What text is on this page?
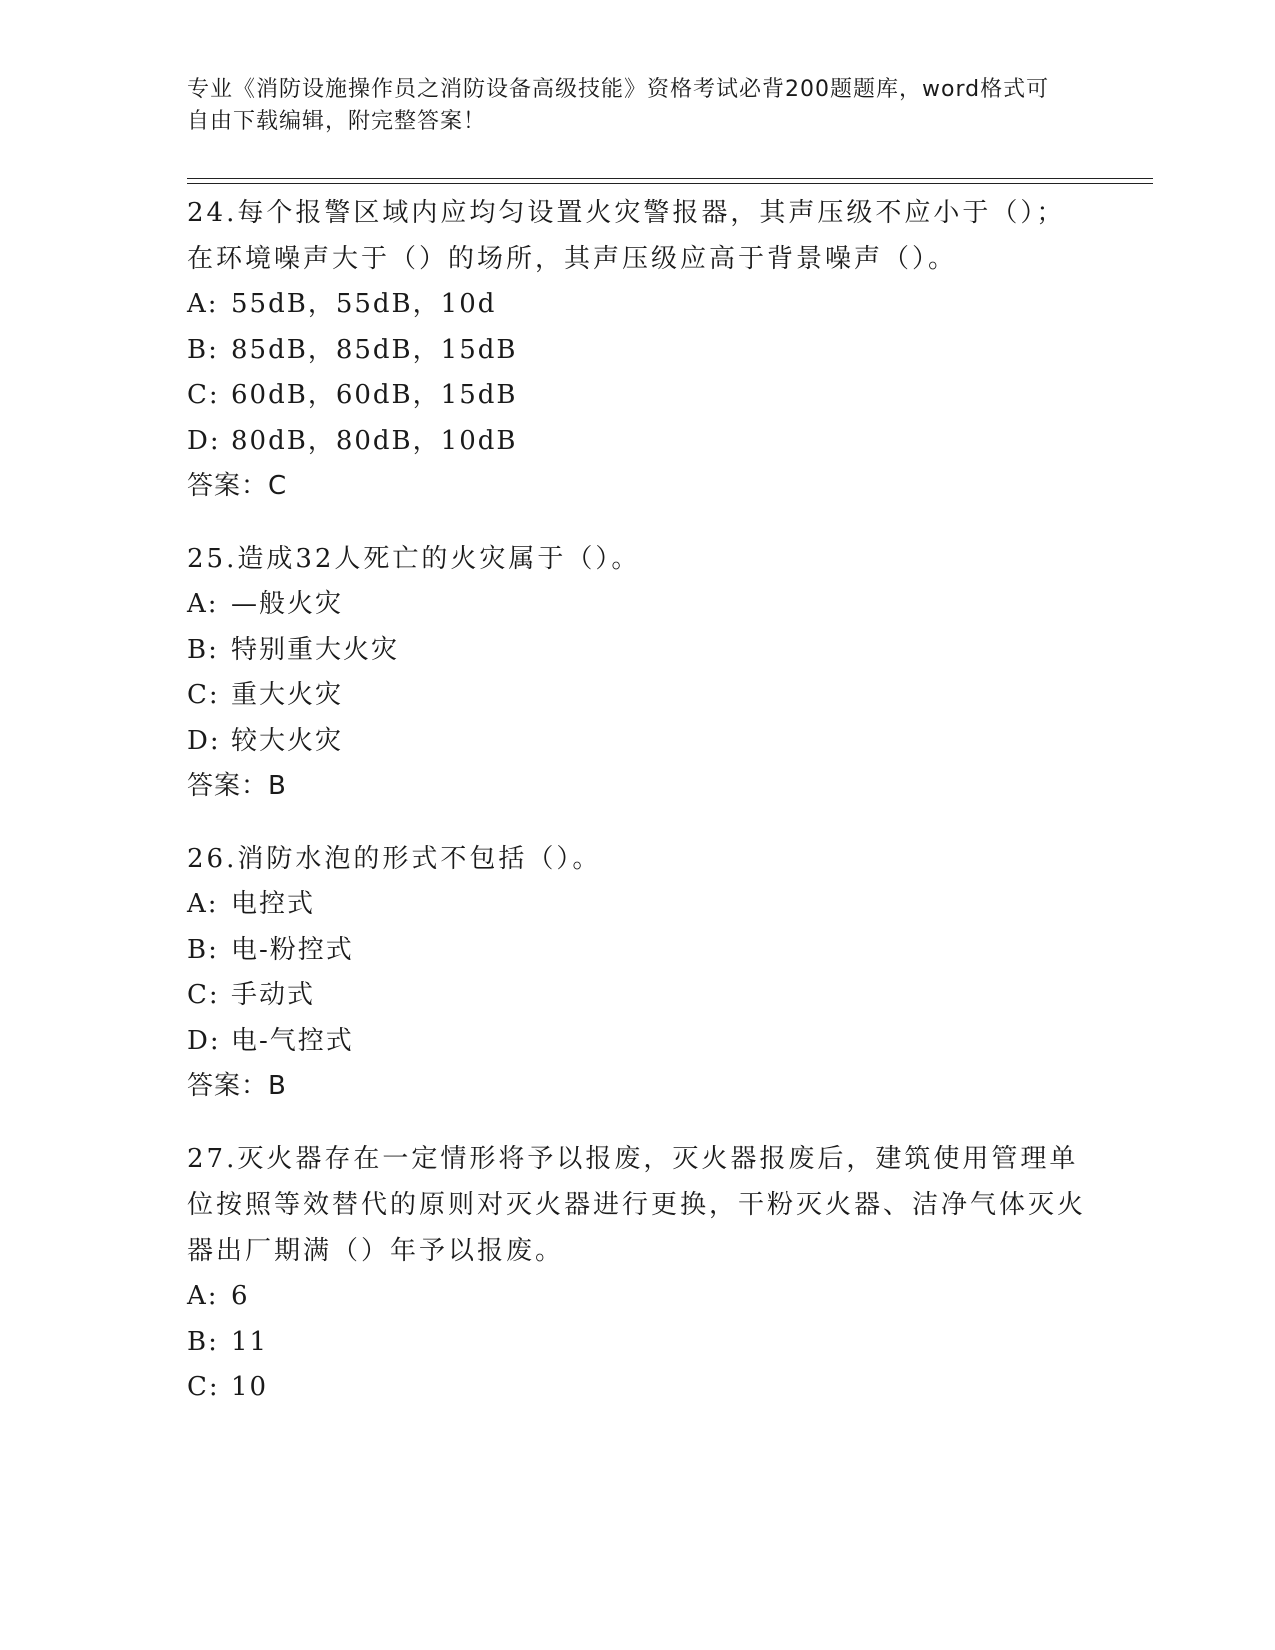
专业《消防设施操作员之消防设备高级技能》资格考试必背200题题库，word格式可自由下载编辑，附完整答案！

24.每个报警区域内应均匀设置火灾警报器，其声压级不应小于（）；在环境噪声大于（）的场所，其声压级应高于背景噪声（）。

A: 55dB，55dB，10d

B: 85dB，85dB，15dB

C: 60dB，60dB，15dB

D: 80dB，80dB，10dB

答案：C

25.造成32人死亡的火灾属于（）。

A: —般火灾

B: 特别重大火灾

C: 重大火灾

D: 较大火灾

答案：B

26.消防水泡的形式不包括（）。

A: 电控式

B: 电-粉控式

C: 手动式

D: 电-气控式

答案：B

27.灭火器存在一定情形将予以报废，灭火器报废后，建筑使用管理单位按照等效替代的原则对灭火器进行更换，干粉灭火器、洁净气体灭火器出厂期满（）年予以报废。

A: 6

B: 11

C: 10
